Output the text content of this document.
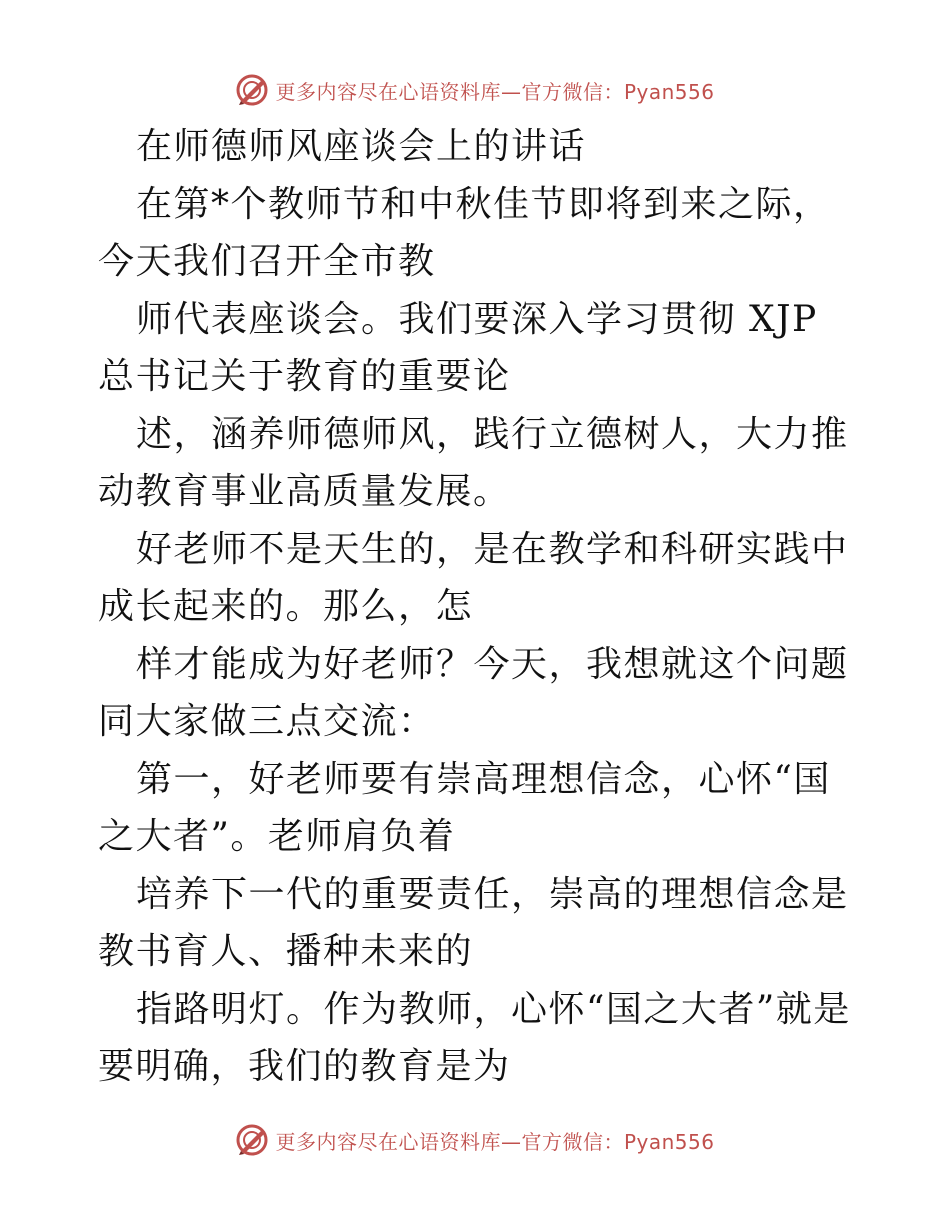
更多内容尽在心语资料库—官方微信：Pyan556

在师德师风座谈会上的讲话

在第*个教师节和中秋佳节即将到来之际，今天我们召开全市教

师代表座谈会。我们要深入学习贯彻 XJP 总书记关于教育的重要论

述，涵养师德师风，践行立德树人，大力推动教育事业高质量发展。

好老师不是天生的，是在教学和科研实践中成长起来的。那么，怎

样才能成为好老师？今天，我想就这个问题同大家做三点交流：

第一，好老师要有崇高理想信念，心怀“国之大者”。老师肩负着

培养下一代的重要责任，崇高的理想信念是教书育人、播种未来的

指路明灯。作为教师，心怀“国之大者”就是要明确，我们的教育是为

更多内容尽在心语资料库—官方微信：Pyan556
